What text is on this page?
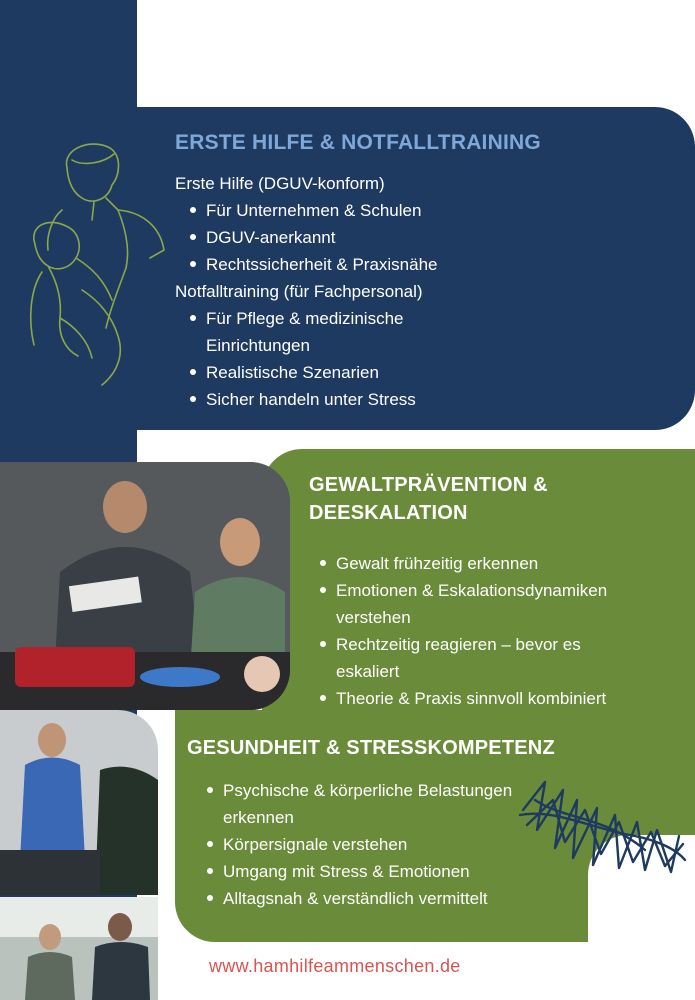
ERSTE HILFE & NOTFALLTRAINING
Erste Hilfe (DGUV-konform)
Für Unternehmen & Schulen
DGUV-anerkannt
Rechtssicherheit & Praxisnähe
Notfalltraining (für Fachpersonal)
Für Pflege & medizinische Einrichtungen
Realistische Szenarien
Sicher handeln unter Stress
GEWALTPRÄVENTION &
DEESKALATION
Gewalt frühzeitig erkennen
Emotionen & Eskalationsdynamiken verstehen
Rechtzeitig reagieren – bevor es eskaliert
Theorie & Praxis sinnvoll kombiniert
GESUNDHEIT & STRESSKOMPETENZ
Psychische & körperliche Belastungen erkennen
Körpersignale verstehen
Umgang mit Stress & Emotionen
Alltagsnah & verständlich vermittelt
www.hamhilfeammenschen.de
